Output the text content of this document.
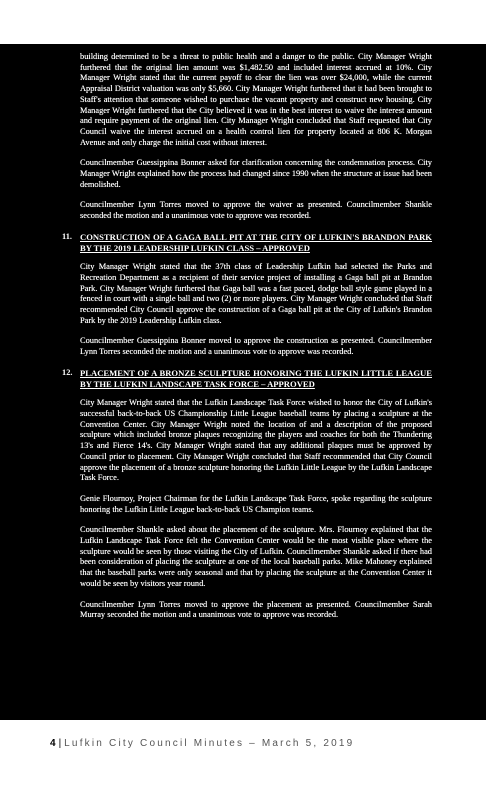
building determined to be a threat to public health and a danger to the public. City Manager Wright furthered that the original lien amount was $1,482.50 and included interest accrued at 10%. City Manager Wright stated that the current payoff to clear the lien was over $24,000, while the current Appraisal District valuation was only $5,660. City Manager Wright furthered that it had been brought to Staff's attention that someone wished to purchase the vacant property and construct new housing. City Manager Wright furthered that the City believed it was in the best interest to waive the interest amount and require payment of the original lien. City Manager Wright concluded that Staff requested that City Council waive the interest accrued on a health control lien for property located at 806 K. Morgan Avenue and only charge the initial cost without interest.

Councilmember Guessippina Bonner asked for clarification concerning the condemnation process. City Manager Wright explained how the process had changed since 1990 when the structure at issue had been demolished.

Councilmember Lynn Torres moved to approve the waiver as presented. Councilmember Shankle seconded the motion and a unanimous vote to approve was recorded.

11. CONSTRUCTION OF A GAGA BALL PIT AT THE CITY OF LUFKIN'S BRANDON PARK BY THE 2019 LEADERSHIP LUFKIN CLASS – APPROVED

City Manager Wright stated that the 37th class of Leadership Lufkin had selected the Parks and Recreation Department as a recipient of their service project of installing a Gaga ball pit at Brandon Park. City Manager Wright furthered that Gaga ball was a fast paced, dodge ball style game played in a fenced in court with a single ball and two (2) or more players. City Manager Wright concluded that Staff recommended City Council approve the construction of a Gaga ball pit at the City of Lufkin's Brandon Park by the 2019 Leadership Lufkin class.

Councilmember Guessippina Bonner moved to approve the construction as presented. Councilmember Lynn Torres seconded the motion and a unanimous vote to approve was recorded.

12. PLACEMENT OF A BRONZE SCULPTURE HONORING THE LUFKIN LITTLE LEAGUE BY THE LUFKIN LANDSCAPE TASK FORCE – APPROVED

City Manager Wright stated that the Lufkin Landscape Task Force wished to honor the City of Lufkin's successful back-to-back US Championship Little League baseball teams by placing a sculpture at the Convention Center. City Manager Wright noted the location of and a description of the proposed sculpture which included bronze plaques recognizing the players and coaches for both the Thundering 13's and Fierce 14's. City Manager Wright stated that any additional plaques must be approved by Council prior to placement. City Manager Wright concluded that Staff recommended that City Council approve the placement of a bronze sculpture honoring the Lufkin Little League by the Lufkin Landscape Task Force.

Genie Flournoy, Project Chairman for the Lufkin Landscape Task Force, spoke regarding the sculpture honoring the Lufkin Little League back-to-back US Champion teams.

Councilmember Shankle asked about the placement of the sculpture. Mrs. Flournoy explained that the Lufkin Landscape Task Force felt the Convention Center would be the most visible place where the sculpture would be seen by those visiting the City of Lufkin. Councilmember Shankle asked if there had been consideration of placing the sculpture at one of the local baseball parks. Mike Mahoney explained that the baseball parks were only seasonal and that by placing the sculpture at the Convention Center it would be seen by visitors year round.

Councilmember Lynn Torres moved to approve the placement as presented. Councilmember Sarah Murray seconded the motion and a unanimous vote to approve was recorded.

4 | Lufkin City Council Minutes – March 5, 2019
